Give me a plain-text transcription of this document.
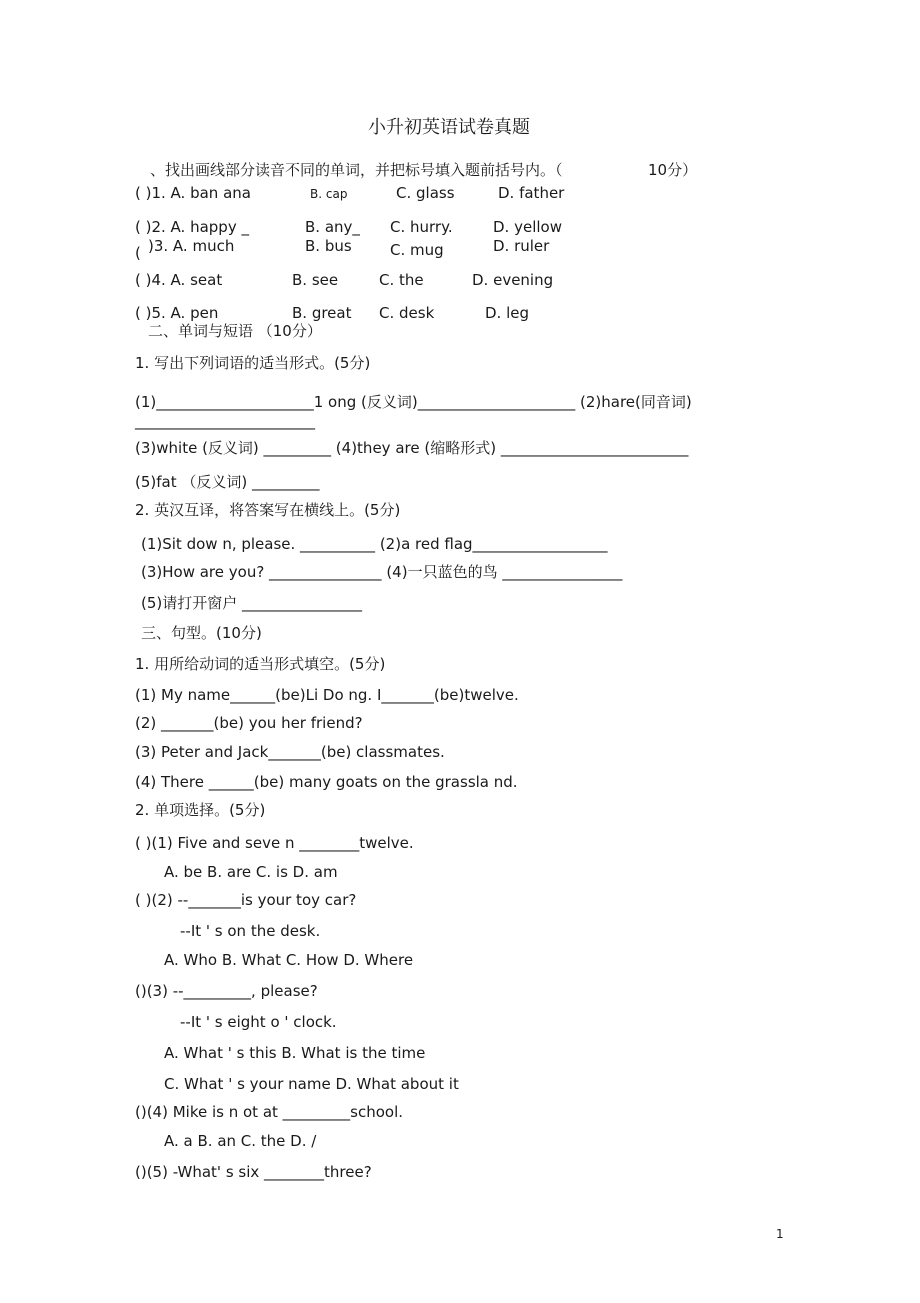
小升初英语试卷真题
、找出画线部分读音不同的单词，并把标号填入题前括号内。（	10分）
( )1. A. ban ana	B. cap	C. glass	D. father
( )2. A. happy _	B. any_ C. hurry.	D. yellow
( )3. A. much	B. bus	C. mug	D. ruler
( )4. A. seat	B. see	C. the	D. evening
( )5. A. pen	B. great C. desk	D. leg
二、单词与短语 （10分）
1. 写出下列词语的适当形式。(5分)
(1)_____________________1 ong (反义词)_____________________ (2)hare(同音词)
________________________
(3)white (反义词) _________ (4)they are (缩略形式) _________________________
(5)fat （反义词) _________
2. 英汉互译，将答案写在横线上。(5分)
(1)Sit dow n, please. __________ (2)a red flag__________________
(3)How are you? _______________ (4)一只蓝色的鸟 ________________
(5)请打开窗户 ________________
三、句型。(10分)
1. 用所给动词的适当形式填空。(5分)
(1) My name______(be)Li Do ng. I_______(be)twelve.
(2) _______(be) you her friend?
(3) Peter and Jack_______(be) classmates.
(4) There ______(be) many goats on the grassla nd.
2. 单项选择。(5分)
( )(1) Five and seve n ________twelve.
A. be B. are C. is D. am
( )(2) --_______is your toy car?
--It ' s on the desk.
A. Who B. What C. How D. Where
()(3) --_________, please?
--It ' s eight o ' clock.
A. What ' s this B. What is the time
C. What ' s your name D. What about it
()(4) Mike is n ot at _________school.
A. a B. an C. the D. /
()(5) -What' s six ________three?
1
